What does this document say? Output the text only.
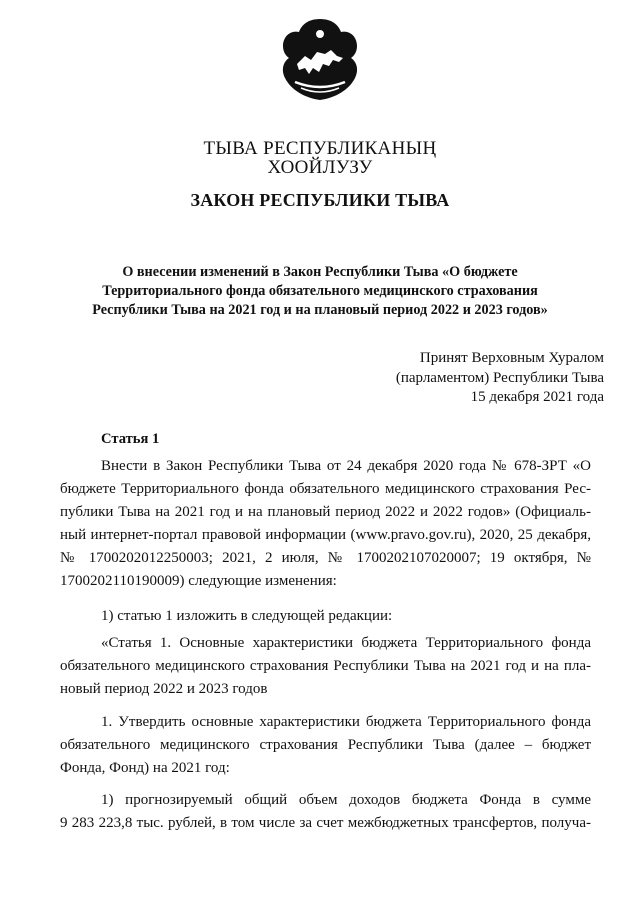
ТЫВА РЕСПУБЛИКАНЫҢ
ХООЙЛУЗУ
ЗАКОН РЕСПУБЛИКИ ТЫВА
О внесении изменений в Закон Республики Тыва «О бюджете
Территориального фонда обязательного медицинского страхования
Республики Тыва на 2021 год и на плановый период 2022 и 2023 годов»
Принят Верховным Хуралом
(парламентом) Республики Тыва
15 декабря 2021 года
Статья 1
Внести в Закон Республики Тыва от 24 декабря 2020 года № 678-ЗРТ «О
бюджете Территориального фонда обязательного медицинского страхования Рес-
публики Тыва на 2021 год и на плановый период 2022 и 2022 годов» (Официаль-
ный интернет-портал правовой информации (www.pravo.gov.ru), 2020, 25 декабря,
№ 1700202012250003; 2021, 2 июля, № 1700202107020007; 19 октября, №
1700202110190009) следующие изменения:
1) статью 1 изложить в следующей редакции:
«Статья 1. Основные характеристики бюджета Территориального фонда
обязательного медицинского страхования Республики Тыва на 2021 год и на пла-
новый период 2022 и 2023 годов
1. Утвердить основные характеристики бюджета Территориального фонда
обязательного медицинского страхования Республики Тыва (далее – бюджет
Фонда, Фонд) на 2021 год:
1) прогнозируемый общий объем доходов бюджета Фонда в сумме
9 283 223,8 тыс. рублей, в том числе за счет межбюджетных трансфертов, получа-
